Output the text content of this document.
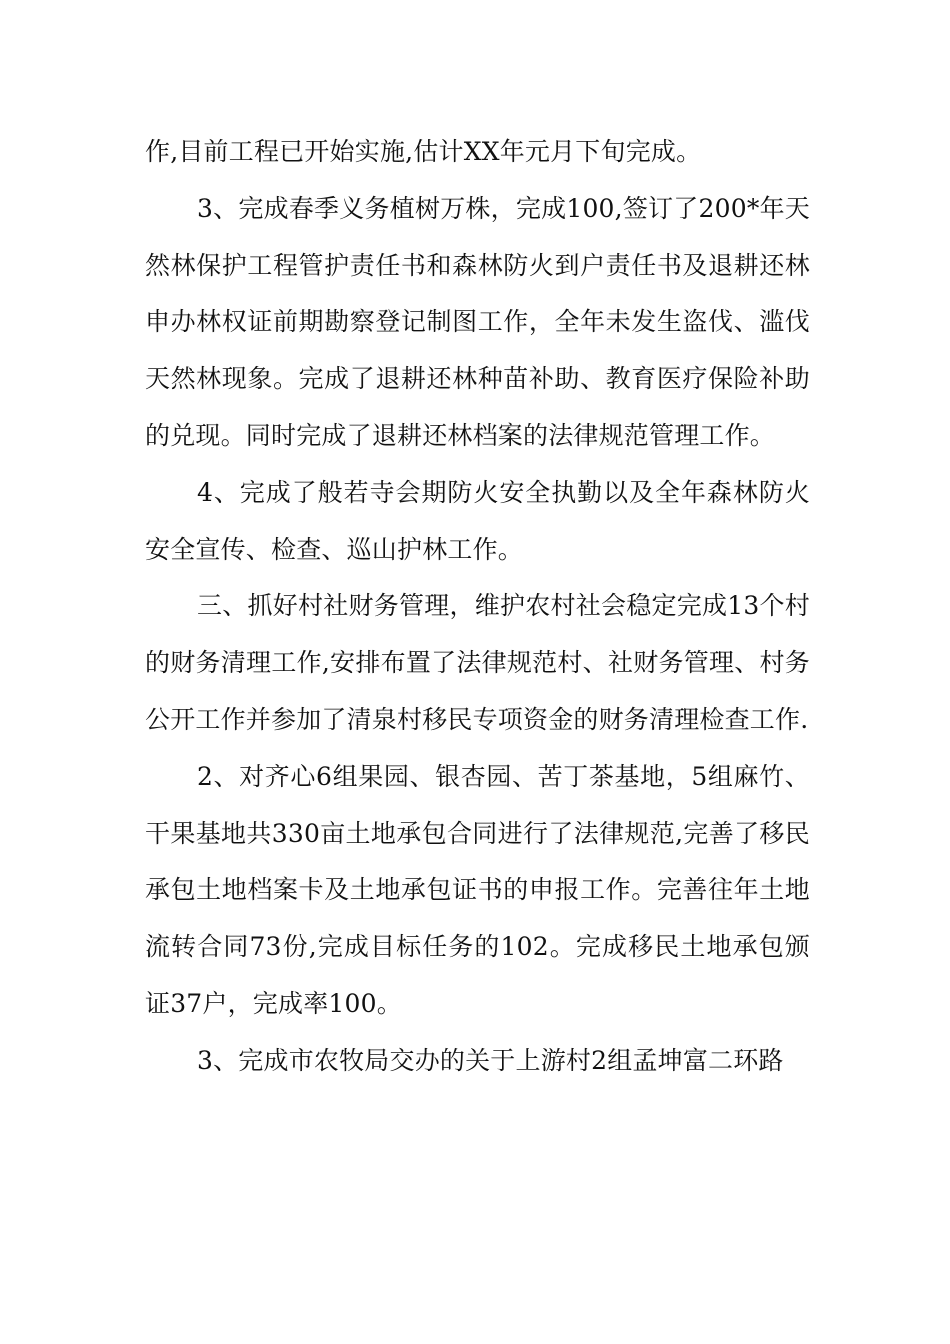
作,目前工程已开始实施,估计XX年元月下旬完成。

3、完成春季义务植树万株，完成100,签订了200*年天然林保护工程管护责任书和森林防火到户责任书及退耕还林申办林权证前期勘察登记制图工作，全年未发生盗伐、滥伐天然林现象。完成了退耕还林种苗补助、教育医疗保险补助的兑现。同时完成了退耕还林档案的法律规范管理工作。

4、完成了般若寺会期防火安全执勤以及全年森林防火安全宣传、检查、巡山护林工作。

三、抓好村社财务管理，维护农村社会稳定完成13个村的财务清理工作,安排布置了法律规范村、社财务管理、村务公开工作并参加了清泉村移民专项资金的财务清理检查工作.

2、对齐心6组果园、银杏园、苦丁茶基地，5组麻竹、干果基地共330亩土地承包合同进行了法律规范,完善了移民承包土地档案卡及土地承包证书的申报工作。完善往年土地流转合同73份,完成目标任务的102。完成移民土地承包颁证37户，完成率100。

3、完成市农牧局交办的关于上游村2组孟坤富二环路
